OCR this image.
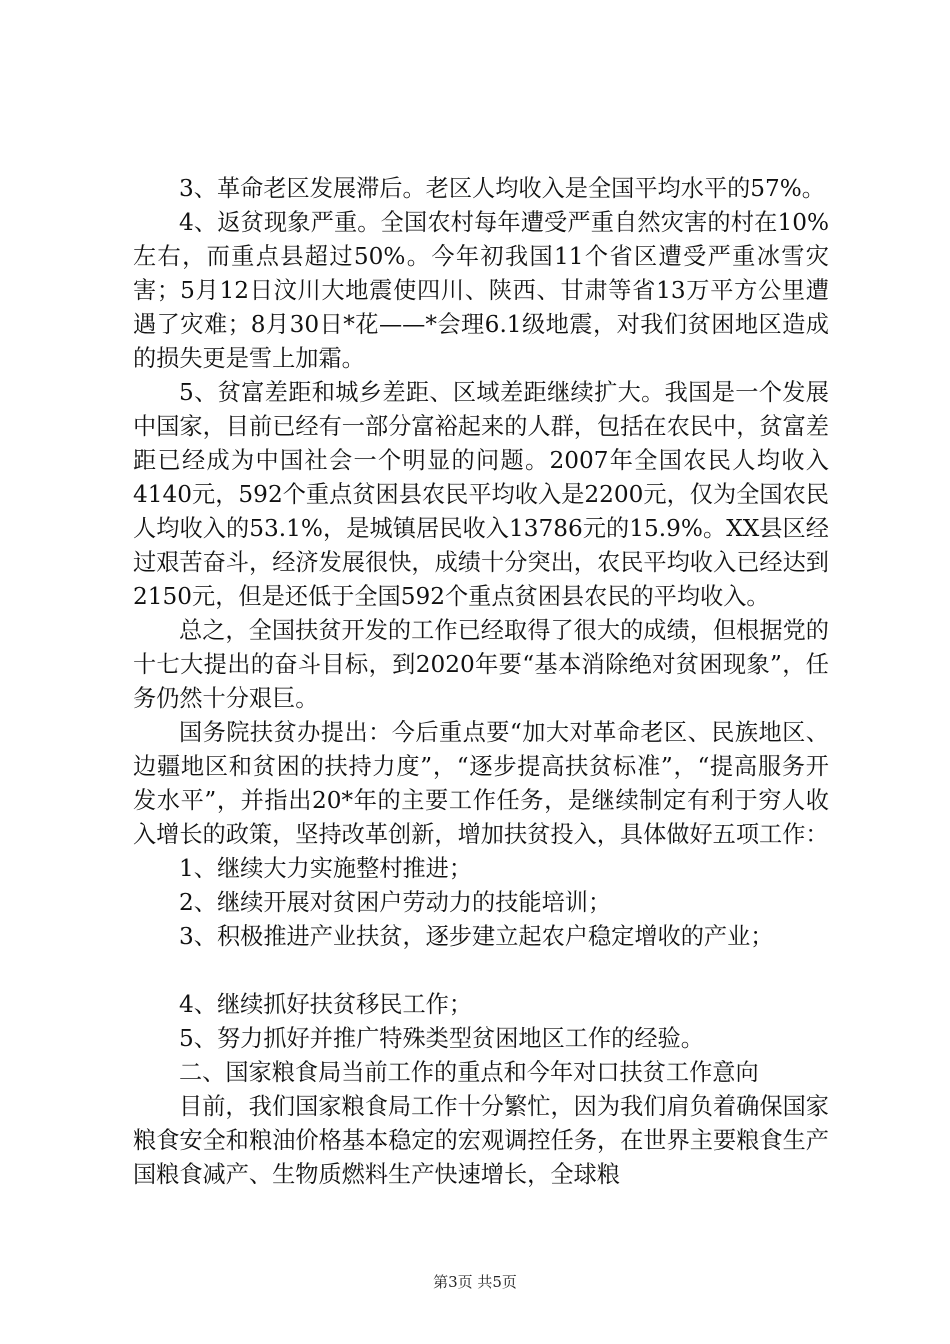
3、革命老区发展滞后。老区人均收入是全国平均水平的57%。

4、返贫现象严重。全国农村每年遭受严重自然灾害的村在10%左右，而重点县超过50%。今年初我国11个省区遭受严重冰雪灾害；5月12日汶川大地震使四川、陕西、甘肃等省13万平方公里遭遇了灾难；8月30日*花——*会理6.1级地震，对我们贫困地区造成的损失更是雪上加霜。

5、贫富差距和城乡差距、区域差距继续扩大。我国是一个发展中国家，目前已经有一部分富裕起来的人群，包括在农民中，贫富差距已经成为中国社会一个明显的问题。2007年全国农民人均收入4140元，592个重点贫困县农民平均收入是2200元，仅为全国农民人均收入的53.1%，是城镇居民收入13786元的15.9%。XX县区经过艰苦奋斗，经济发展很快，成绩十分突出，农民平均收入已经达到2150元，但是还低于全国592个重点贫困县农民的平均收入。

总之，全国扶贫开发的工作已经取得了很大的成绩，但根据党的十七大提出的奋斗目标，到2020年要“基本消除绝对贫困现象”，任务仍然十分艰巨。

国务院扶贫办提出：今后重点要“加大对革命老区、民族地区、边疆地区和贫困的扶持力度”，“逐步提高扶贫标准”，“提高服务开发水平”，并指出20*年的主要工作任务，是继续制定有利于穷人收入增长的政策，坚持改革创新，增加扶贫投入，具体做好五项工作：

1、继续大力实施整村推进；

2、继续开展对贫困户劳动力的技能培训；

3、积极推进产业扶贫，逐步建立起农户稳定增收的产业；

4、继续抓好扶贫移民工作；

5、努力抓好并推广特殊类型贫困地区工作的经验。

二、国家粮食局当前工作的重点和今年对口扶贫工作意向

目前，我们国家粮食局工作十分繁忙，因为我们肩负着确保国家粮食安全和粮油价格基本稳定的宏观调控任务，在世界主要粮食生产国粮食减产、生物质燃料生产快速增长，全球粮

第3页 共5页
